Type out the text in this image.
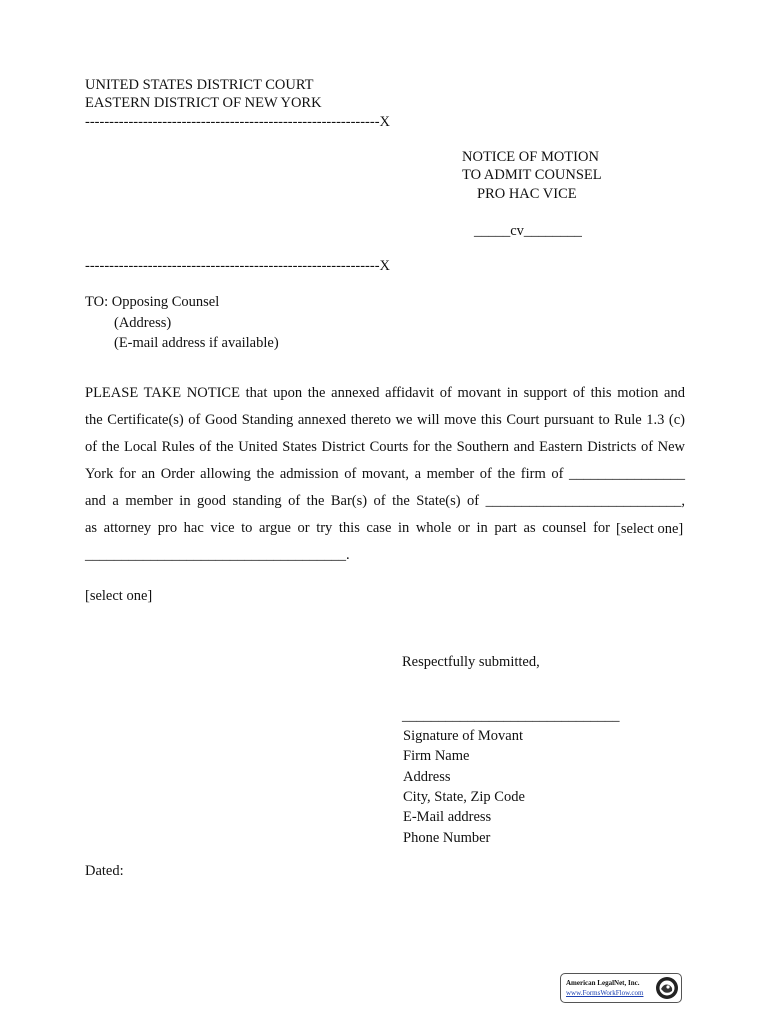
UNITED STATES DISTRICT COURT
EASTERN DISTRICT OF NEW YORK
-------------------------------------------------------------X
NOTICE OF MOTION
TO ADMIT COUNSEL
PRO HAC VICE
_____cv________
-------------------------------------------------------------X
TO: Opposing Counsel
(Address)
(E-mail address if available)
PLEASE TAKE NOTICE that upon the annexed affidavit of movant in support of this motion and
the Certificate(s) of Good Standing annexed thereto we will move this Court pursuant to Rule 1.3 (c)
of the Local Rules of the United States District Courts for the Southern and Eastern Districts of New
York for an Order allowing the admission of movant, a member of the firm of ________________
and a member in good standing of the Bar(s) of the State(s) of ___________________________,
as attorney pro hac vice to argue or try this case in whole or in part as counsel for [select one]
____________________________________.
[select one]
Respectfully submitted,
______________________________
Signature of Movant
Firm Name
Address
City, State, Zip Code
E-Mail address
Phone Number
Dated:
American LegalNet, Inc.
www.FormsWorkFlow.com
